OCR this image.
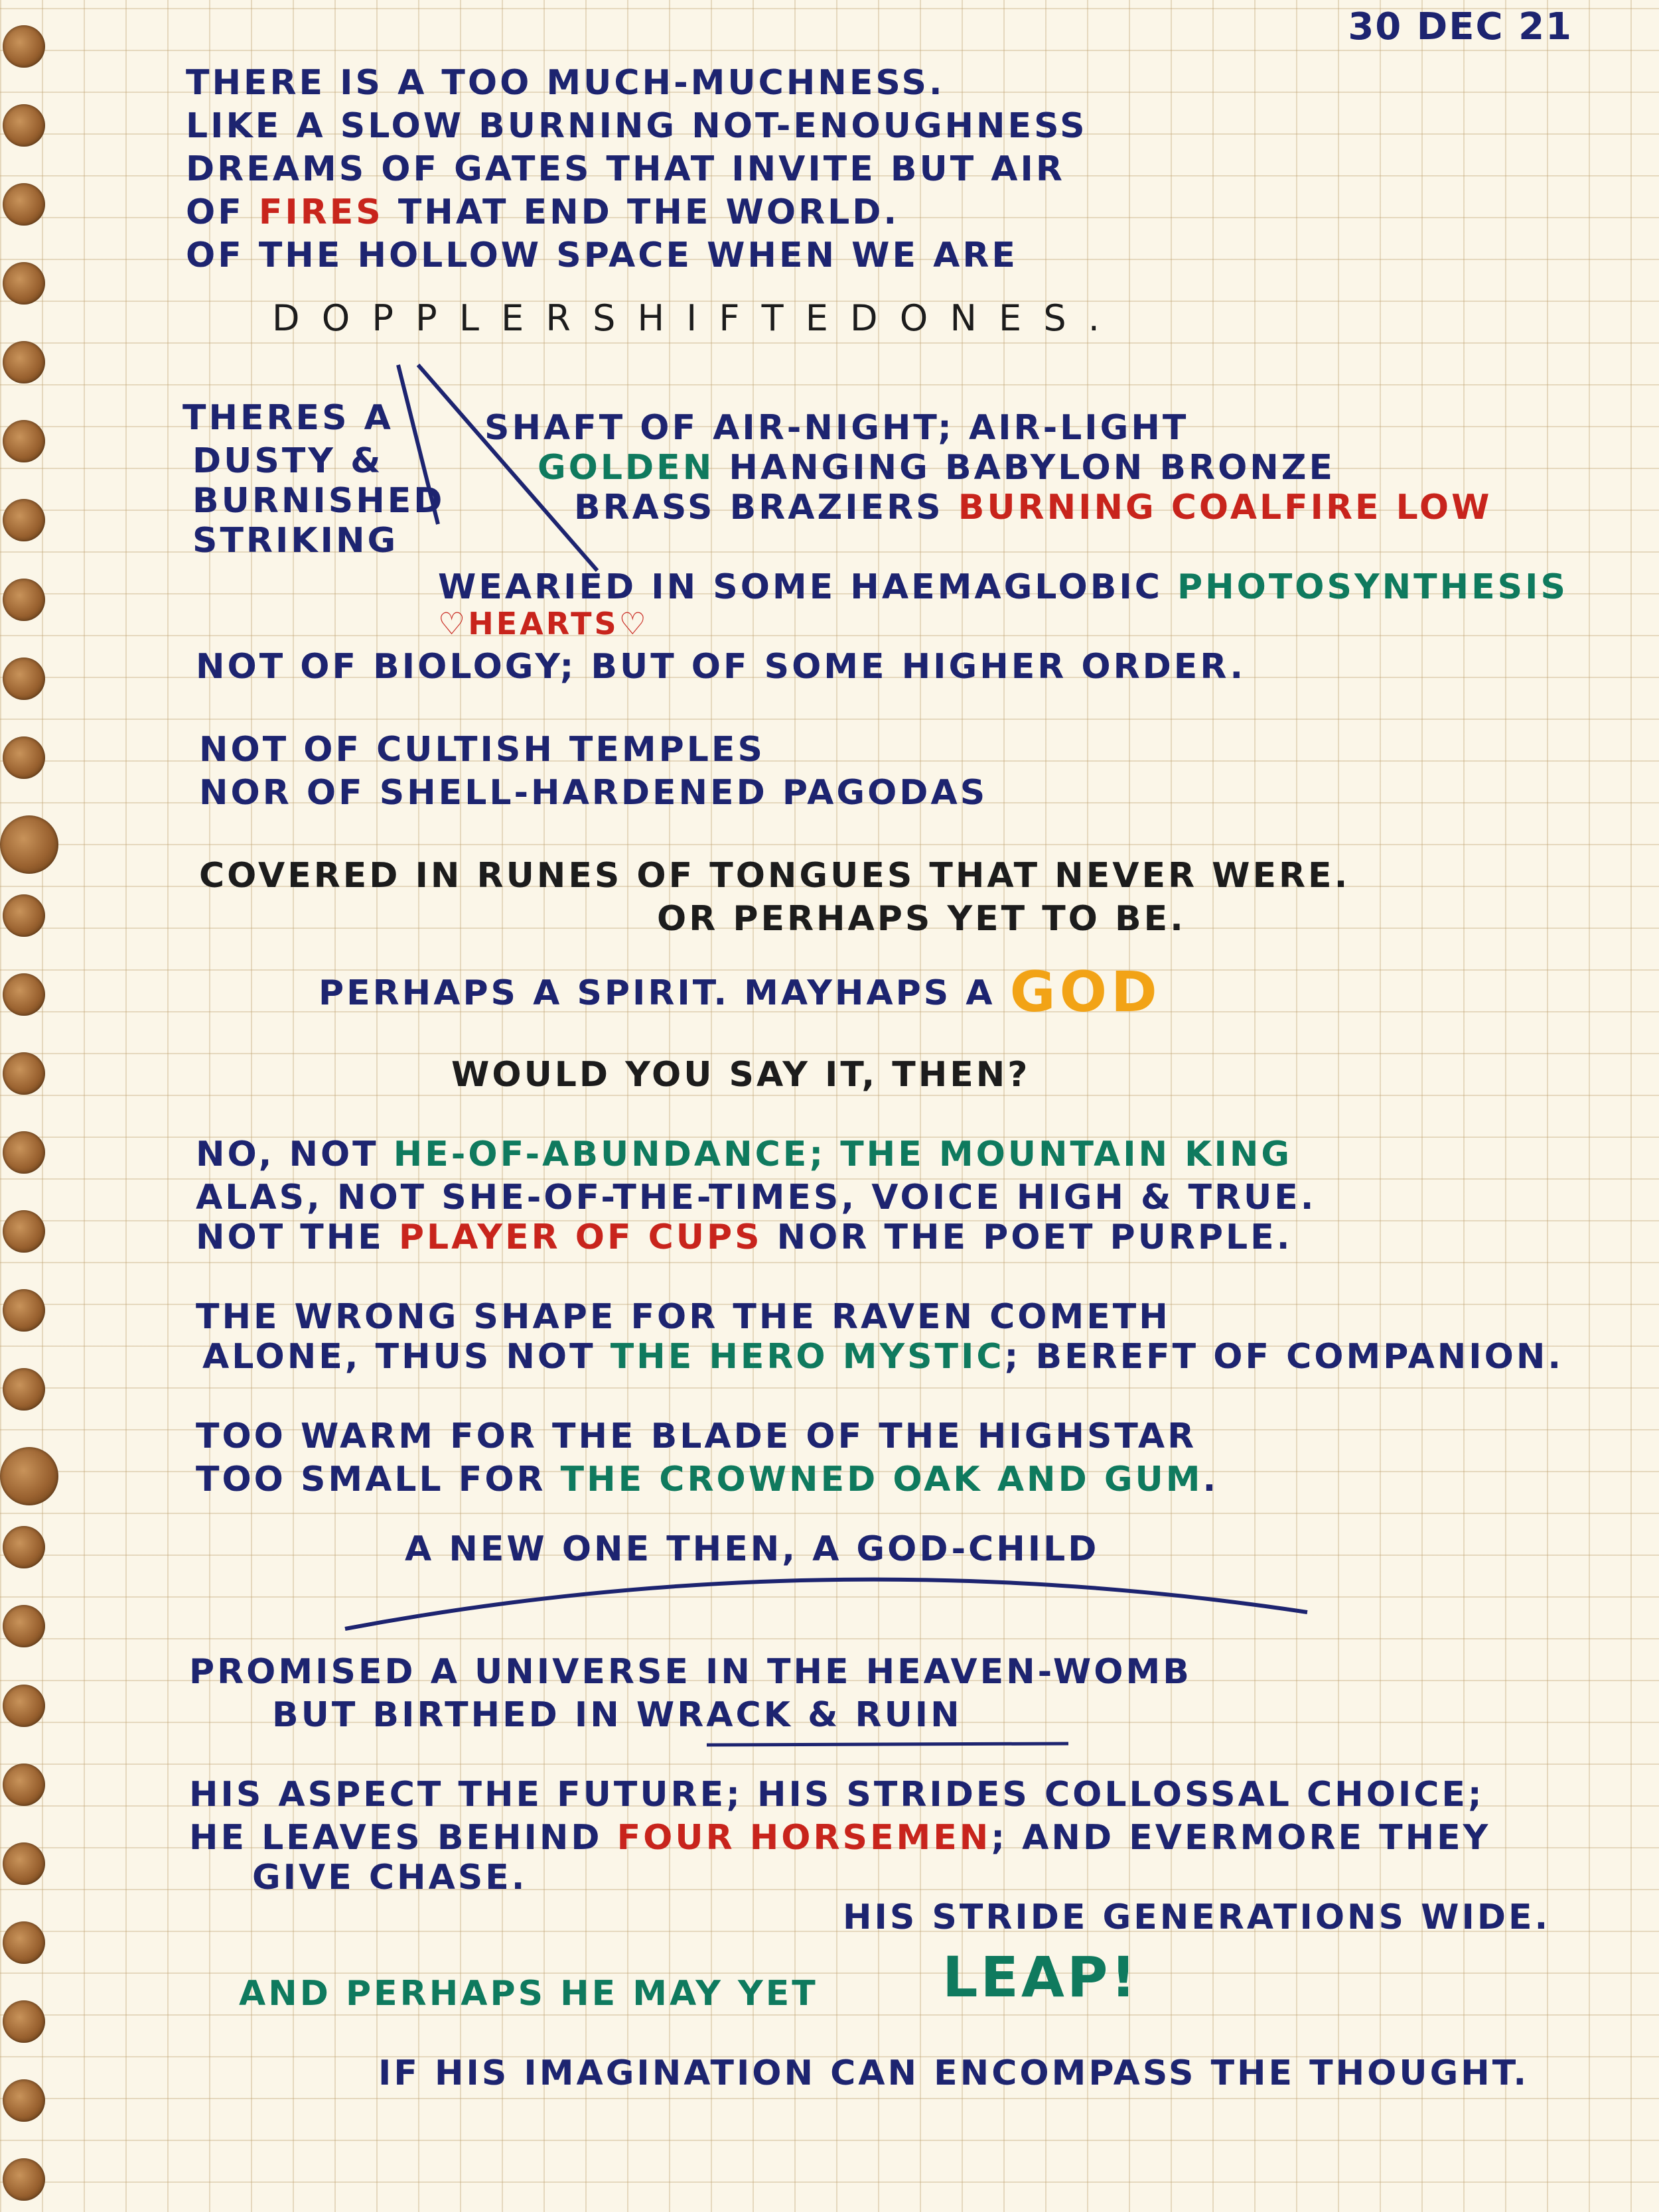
30 DEC 21
THERE IS A TOO MUCH-MUCHNESS.
LIKE A SLOW BURNING NOT-ENOUGHNESS
DREAMS OF GATES THAT INVITE BUT AIR
OF FIRES THAT END THE WORLD.
OF THE HOLLOW SPACE WHEN WE ARE
D O P P L E R S H I F T E D O N E S .
THERES A
DUSTY &
BURNISHED
STRIKING
SHAFT OF AIR-NIGHT; AIR-LIGHT
GOLDEN HANGING BABYLON BRONZE
BRASS BRAZIERS BURNING COALFIRE LOW
WEARIED IN SOME HAEMAGLOBIC PHOTOSYNTHESIS
♡HEARTS♡
NOT OF BIOLOGY; BUT OF SOME HIGHER ORDER.
NOT OF CULTISH TEMPLES
NOR OF SHELL-HARDENED PAGODAS
COVERED IN RUNES OF TONGUES THAT NEVER WERE.
OR PERHAPS YET TO BE.
PERHAPS A SPIRIT. MAYHAPS A GOD
WOULD YOU SAY IT, THEN?
NO, NOT HE-OF-ABUNDANCE; THE MOUNTAIN KING
ALAS, NOT SHE-OF-THE-TIMES, VOICE HIGH & TRUE.
NOT THE PLAYER OF CUPS NOR THE POET PURPLE.
THE WRONG SHAPE FOR THE RAVEN COMETH
ALONE, THUS NOT THE HERO MYSTIC; BEREFT OF COMPANION.
TOO WARM FOR THE BLADE OF THE HIGHSTAR
TOO SMALL FOR THE CROWNED OAK AND GUM.
A NEW ONE THEN, A GOD-CHILD
PROMISED A UNIVERSE IN THE HEAVEN-WOMB
BUT BIRTHED IN WRACK & RUIN
HIS ASPECT THE FUTURE; HIS STRIDES COLLOSSAL CHOICE;
HE LEAVES BEHIND FOUR HORSEMEN; AND EVERMORE THEY
GIVE CHASE.
HIS STRIDE GENERATIONS WIDE.
AND PERHAPS HE MAY YET LEAP!
IF HIS IMAGINATION CAN ENCOMPASS THE THOUGHT.
